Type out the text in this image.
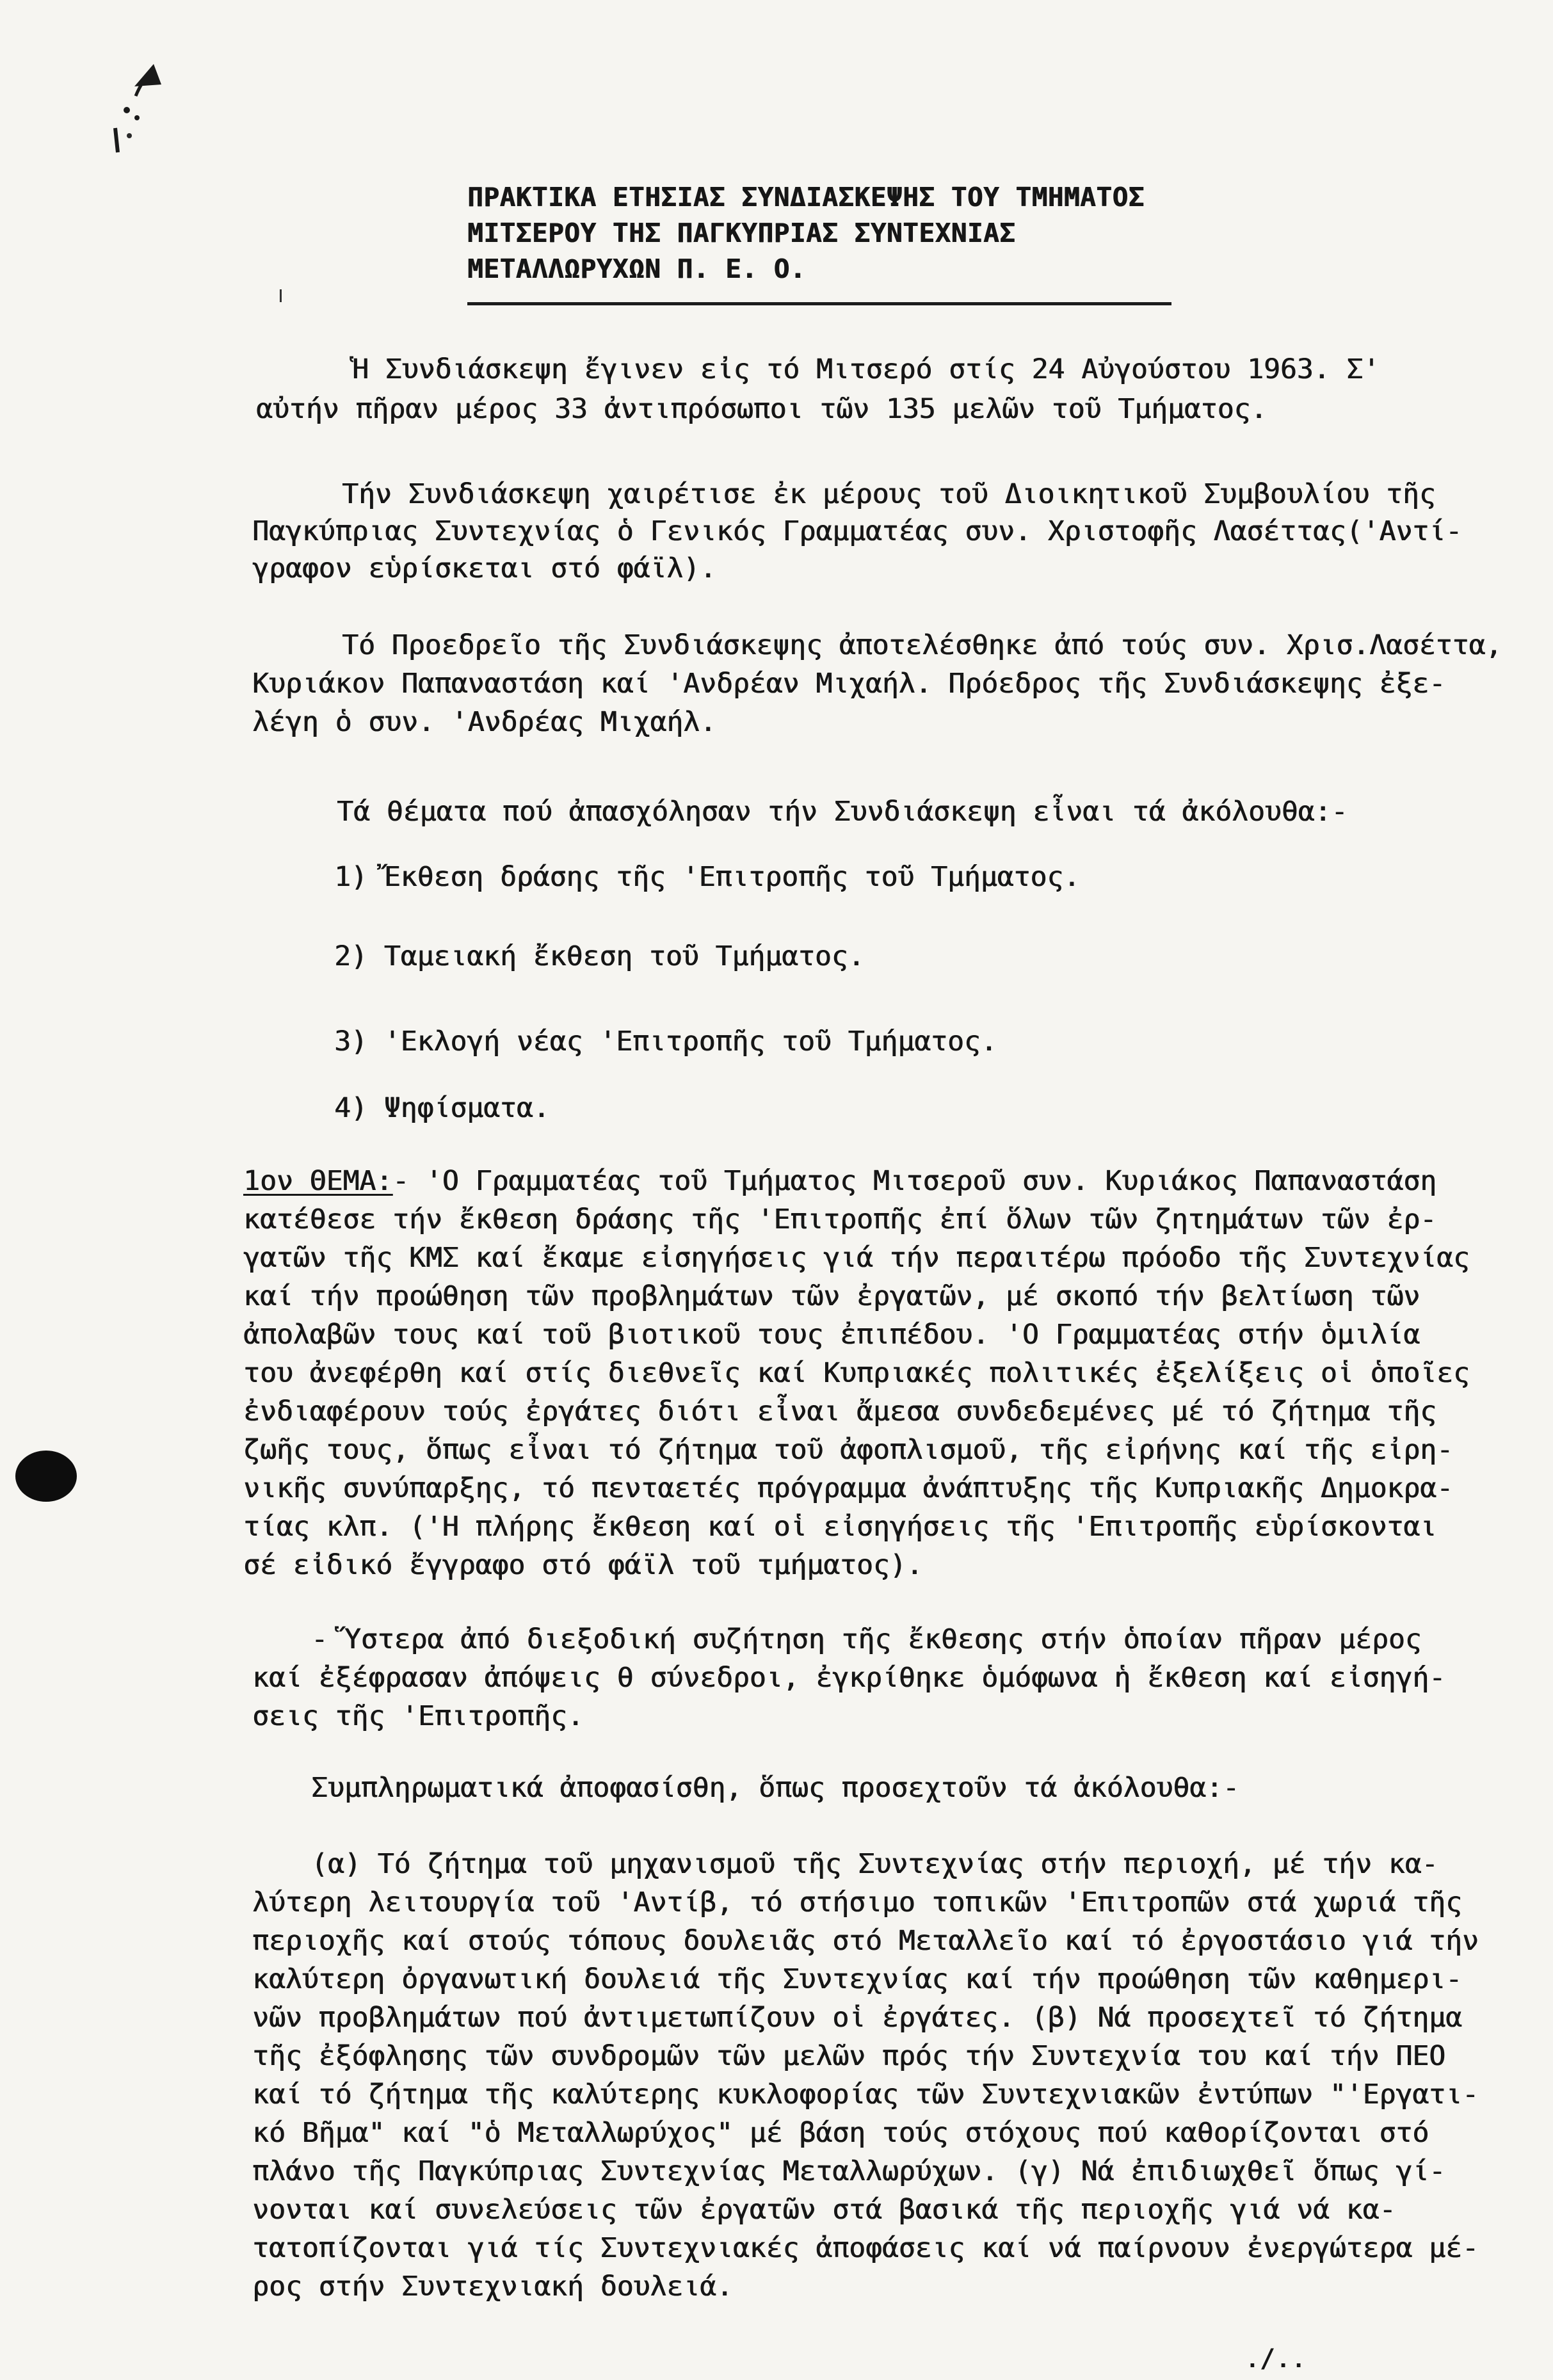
ΠΡΑΚΤΙΚΑ ΕΤΗΣΙΑΣ ΣΥΝΔΙΑΣΚΕΨΗΣ ΤΟΥ ΤΜΗΜΑΤΟΣ
ΜΙΤΣΕΡΟΥ ΤΗΣ ΠΑΓΚΥΠΡΙΑΣ ΣΥΝΤΕΧΝΙΑΣ
ΜΕΤΑΛΛΩΡΥΧΩΝ Π. Ε. Ο.
Ἡ Συνδιάσκεψη ἔγινεν εἰς τό Μιτσερό στίς 24 Αὐγούστου 1963. Σ'
αὐτήν πῆραν μέρος 33 ἀντιπρόσωποι τῶν 135 μελῶν τοῦ Τμήματος.
Τήν Συνδιάσκεψη χαιρέτισε ἐκ μέρους τοῦ Διοικητικοῦ Συμβουλίου τῆς
Παγκύπριας Συντεχνίας ὁ Γενικός Γραμματέας συν. Χριστοφῆς Λασέττας('Αντί-
γραφον εὑρίσκεται στό φάϊλ).
Τό Προεδρεῖο τῆς Συνδιάσκεψης ἀποτελέσθηκε ἀπό τούς συν. Χρισ.Λασέττα,
Κυριάκον Παπαναστάση καί 'Ανδρέαν Μιχαήλ. Πρόεδρος τῆς Συνδιάσκεψης ἐξε-
λέγη ὁ συν. 'Ανδρέας Μιχαήλ.
Τά θέματα πού ἀπασχόλησαν τήν Συνδιάσκεψη εἶναι τά ἀκόλουθα:-
1) Ἔκθεση δράσης τῆς 'Επιτροπῆς τοῦ Τμήματος.
2) Ταμειακή ἔκθεση τοῦ Τμήματος.
3) 'Εκλογή νέας 'Επιτροπῆς τοῦ Τμήματος.
4) Ψηφίσματα.
1ον ΘΕΜΑ:- 'Ο Γραμματέας τοῦ Τμήματος Μιτσεροῦ συν. Κυριάκος Παπαναστάση
κατέθεσε τήν ἔκθεση δράσης τῆς 'Επιτροπῆς ἐπί ὅλων τῶν ζητημάτων τῶν ἐρ-
γατῶν τῆς ΚΜΣ καί ἔκαμε εἰσηγήσεις γιά τήν περαιτέρω πρόοδο τῆς Συντεχνίας
καί τήν προώθηση τῶν προβλημάτων τῶν ἐργατῶν, μέ σκοπό τήν βελτίωση τῶν
ἀπολαβῶν τους καί τοῦ βιοτικοῦ τους ἐπιπέδου. 'Ο Γραμματέας στήν ὁμιλία
του ἀνεφέρθη καί στίς διεθνεῖς καί Κυπριακές πολιτικές ἐξελίξεις οἱ ὁποῖες
ἐνδιαφέρουν τούς ἐργάτες διότι εἶναι ἄμεσα συνδεδεμένες μέ τό ζήτημα τῆς
ζωῆς τους, ὅπως εἶναι τό ζήτημα τοῦ ἀφοπλισμοῦ, τῆς εἰρήνης καί τῆς εἰρη-
νικῆς συνύπαρξης, τό πενταετές πρόγραμμα ἀνάπτυξης τῆς Κυπριακῆς Δημοκρα-
τίας κλπ. ('Η πλήρης ἔκθεση καί οἱ εἰσηγήσεις τῆς 'Επιτροπῆς εὑρίσκονται
σέ εἰδικό ἔγγραφο στό φάϊλ τοῦ τμήματος).
- Ὕστερα ἀπό διεξοδική συζήτηση τῆς ἔκθεσης στήν ὁποίαν πῆραν μέρος
καί ἐξέφρασαν ἀπόψεις θ σύνεδροι, ἐγκρίθηκε ὁμόφωνα ἡ ἔκθεση καί εἰσηγή-
σεις τῆς 'Επιτροπῆς.
Συμπληρωματικά ἀποφασίσθη, ὅπως προσεχτοῦν τά ἀκόλουθα:-
(α) Τό ζήτημα τοῦ μηχανισμοῦ τῆς Συντεχνίας στήν περιοχή, μέ τήν κα-
λύτερη λειτουργία τοῦ 'Αντίβ, τό στήσιμο τοπικῶν 'Επιτροπῶν στά χωριά τῆς
περιοχῆς καί στούς τόπους δουλειᾶς στό Μεταλλεῖο καί τό ἐργοστάσιο γιά τήν
καλύτερη ὀργανωτική δουλειά τῆς Συντεχνίας καί τήν προώθηση τῶν καθημερι-
νῶν προβλημάτων πού ἀντιμετωπίζουν οἱ ἐργάτες. (β) Νά προσεχτεῖ τό ζήτημα
τῆς ἐξόφλησης τῶν συνδρομῶν τῶν μελῶν πρός τήν Συντεχνία του καί τήν ΠΕΟ
καί τό ζήτημα τῆς καλύτερης κυκλοφορίας τῶν Συντεχνιακῶν ἐντύπων "'Εργατι-
κό Βῆμα" καί "ὁ Μεταλλωρύχος" μέ βάση τούς στόχους πού καθορίζονται στό
πλάνο τῆς Παγκύπριας Συντεχνίας Μεταλλωρύχων. (γ) Νά ἐπιδιωχθεῖ ὅπως γί-
νονται καί συνελεύσεις τῶν ἐργατῶν στά βασικά τῆς περιοχῆς γιά νά κα-
τατοπίζονται γιά τίς Συντεχνιακές ἀποφάσεις καί νά παίρνουν ἐνεργώτερα μέ-
ρος στήν Συντεχνιακή δουλειά.
./..
